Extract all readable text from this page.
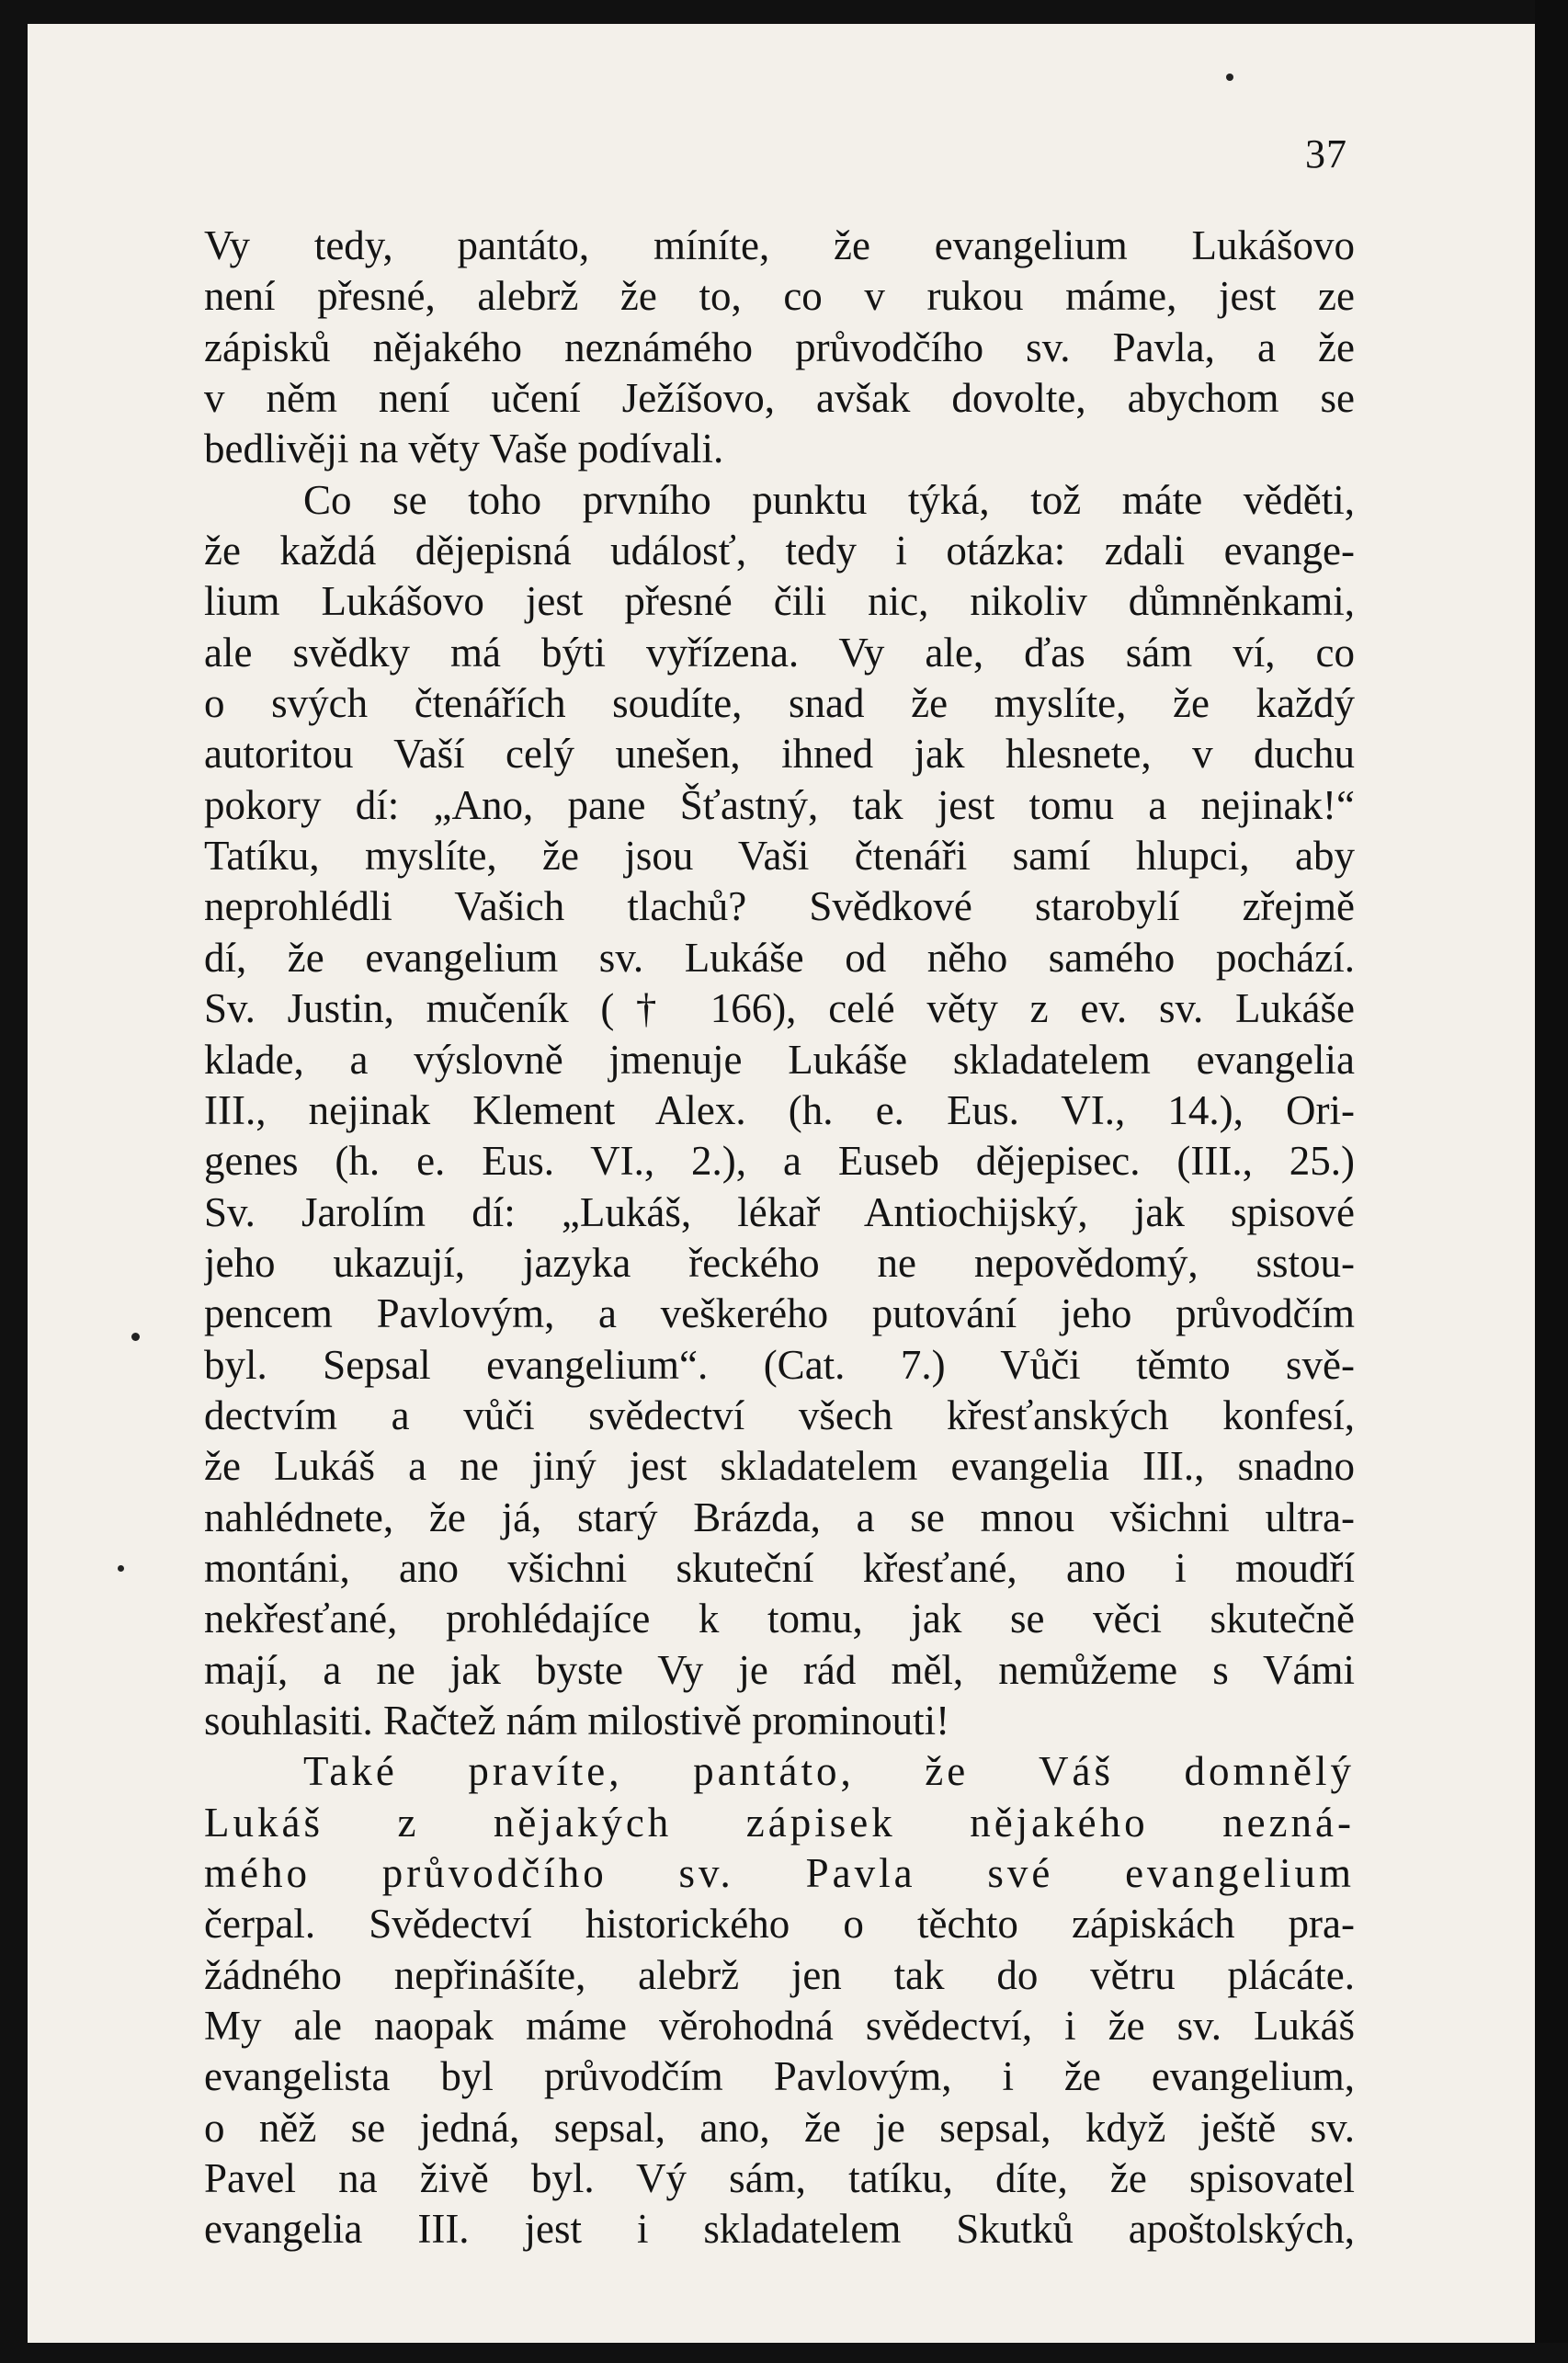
37
Vy tedy, pantáto, míníte, že evangelium Lukášovo
není přesné, alebrž že to, co v rukou máme, jest ze
zápisků nějakého neznámého průvodčího sv. Pavla, a že
v něm není učení Ježíšovo, avšak dovolte, abychom se
bedlivěji na věty Vaše podívali.
Co se toho prvního punktu týká, tož máte věděti,
že každá dějepisná událosť, tedy i otázka: zdali evange-
lium Lukášovo jest přesné čili nic, nikoliv důmněnkami,
ale svědky má býti vyřízena. Vy ale, ďas sám ví, co
o svých čtenářích soudíte, snad že myslíte, že každý
autoritou Vaší celý unešen, ihned jak hlesnete, v duchu
pokory dí: „Ano, pane Šťastný, tak jest tomu a nejinak!“
Tatíku, myslíte, že jsou Vaši čtenáři samí hlupci, aby
neprohlédli Vašich tlachů? Svědkové starobylí zřejmě
dí, že evangelium sv. Lukáše od něho samého pochází.
Sv. Justin, mučeník († 166), celé věty z ev. sv. Lukáše
klade, a výslovně jmenuje Lukáše skladatelem evangelia
III., nejinak Klement Alex. (h. e. Eus. VI., 14.), Ori-
genes (h. e. Eus. VI., 2.), a Euseb dějepisec. (III., 25.)
Sv. Jarolím dí: „Lukáš, lékař Antiochijský, jak spisové
jeho ukazují, jazyka řeckého ne nepovědomý, sstou-
pencem Pavlovým, a veškerého putování jeho průvodčím
byl. Sepsal evangelium“. (Cat. 7.) Vůči těmto svě-
dectvím a vůči svědectví všech křesťanských konfesí,
že Lukáš a ne jiný jest skladatelem evangelia III., snadno
nahlédnete, že já, starý Brázda, a se mnou všichni ultra-
montáni, ano všichni skuteční křesťané, ano i moudří
nekřesťané, prohlédajíce k tomu, jak se věci skutečně
mají, a ne jak byste Vy je rád měl, nemůžeme s Vámi
souhlasiti. Račtež nám milostivě prominouti!
Také pravíte, pantáto, že Váš domnělý
Lukáš z nějakých zápisek nějakého nezná-
mého průvodčího sv. Pavla své evangelium
čerpal. Svědectví historického o těchto zápiskách pra-
žádného nepřinášíte, alebrž jen tak do větru plácáte.
My ale naopak máme věrohodná svědectví, i že sv. Lukáš
evangelista byl průvodčím Pavlovým, i že evangelium,
o něž se jedná, sepsal, ano, že je sepsal, když ještě sv.
Pavel na živě byl. Vý sám, tatíku, díte, že spisovatel
evangelia III. jest i skladatelem Skutků apoštolských,
